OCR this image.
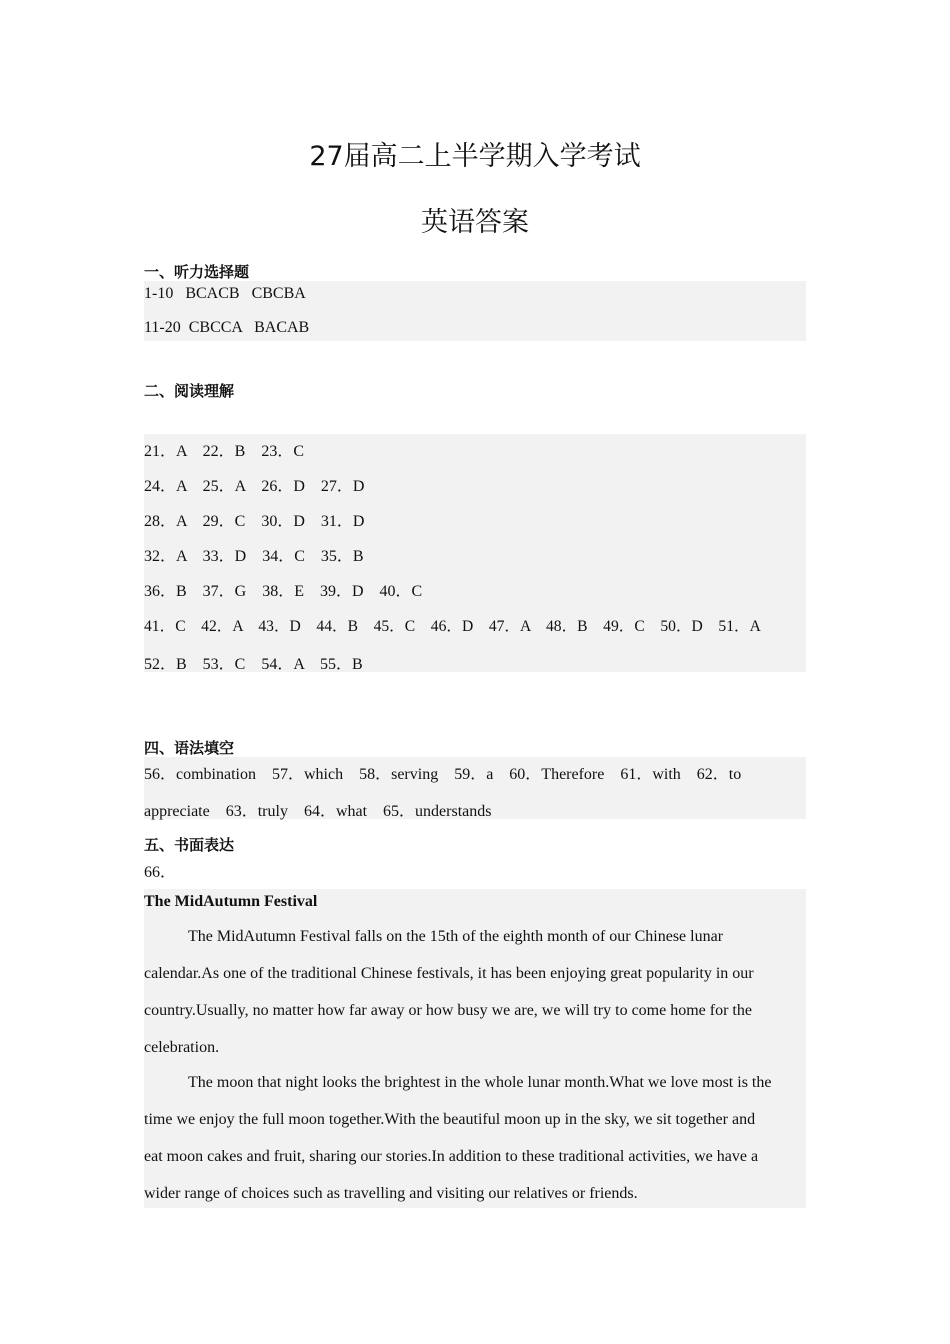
27届高二上半学期入学考试
英语答案
一、听力选择题
1-10   BCACB   CBCBA
11-20  CBCCA   BACAB
二、阅读理解
21．A    22．B    23．C
24．A    25．A    26．D    27．D
28．A    29．C    30．D    31．D
32．A    33．D    34．C    35．B
36．B    37．G    38．E    39．D    40．C
41．C    42．A    43．D    44．B    45．C    46．D    47．A    48．B    49．C    50．D    51．A
52．B    53．C    54．A    55．B
四、语法填空
56．combination    57．which    58．serving    59．a    60．Therefore    61．with    62．to
appreciate    63．truly    64．what    65．understands
五、书面表达
66．
The MidAutumn Festival
The MidAutumn Festival falls on the 15th of the eighth month of our Chinese lunar
calendar.As one of the traditional Chinese festivals, it has been enjoying great popularity in our
country.Usually, no matter how far away or how busy we are, we will try to come home for the
celebration.
The moon that night looks the brightest in the whole lunar month.What we love most is the
time we enjoy the full moon together.With the beautiful moon up in the sky, we sit together and
eat moon cakes and fruit, sharing our stories.In addition to these traditional activities, we have a
wider range of choices such as travelling and visiting our relatives or friends.
